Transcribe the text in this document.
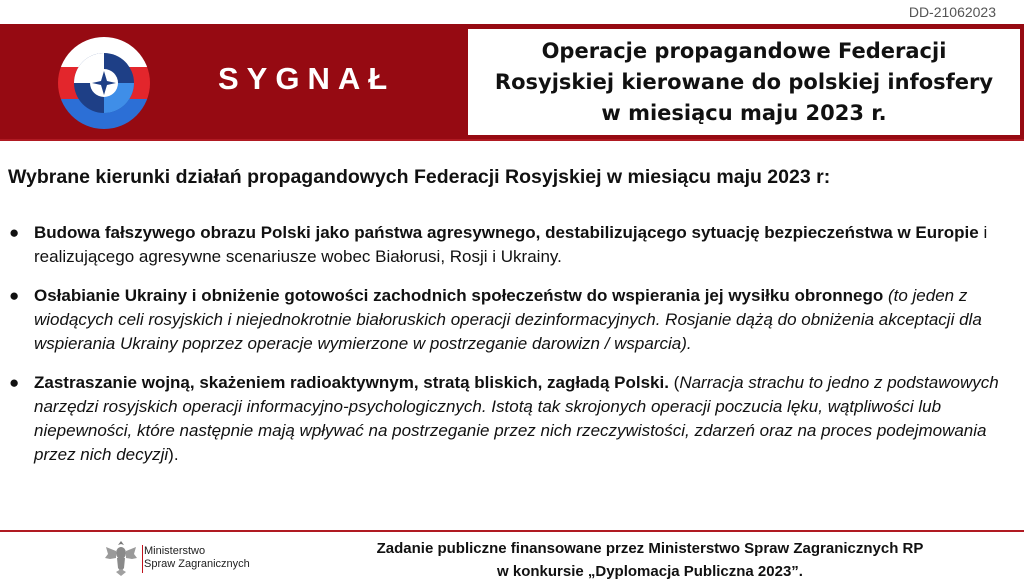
DD-21062023
SYGNAŁ
Operacje propagandowe Federacji
Rosyjskiej kierowane do polskiej infosfery
w miesiącu maju 2023 r.
Wybrane kierunki działań propagandowych Federacji Rosyjskiej w miesiącu maju 2023 r:
● Budowa fałszywego obrazu Polski jako państwa agresywnego, destabilizującego sytuację bezpieczeństwa w Europie i realizującego agresywne scenariusze wobec Białorusi, Rosji i Ukrainy.
● Osłabianie Ukrainy i obniżenie gotowości zachodnich społeczeństw do wspierania jej wysiłku obronnego (to jeden z wiodących celi rosyjskich i niejednokrotnie białoruskich operacji dezinformacyjnych. Rosjanie dążą do obniżenia akceptacji dla wspierania Ukrainy poprzez operacje wymierzone w postrzeganie darowizn / wsparcia).
● Zastraszanie wojną, skażeniem radioaktywnym, stratą bliskich, zagładą Polski. (Narracja strachu to jedno z podstawowych narzędzi rosyjskich operacji informacyjno-psychologicznych. Istotą tak skrojonych operacji poczucia lęku, wątpliwości lub niepewności, które następnie mają wpływać na postrzeganie przez nich rzeczywistości, zdarzeń oraz na proces podejmowania przez nich decyzji).
Ministerstwo
Spraw Zagranicznych
Zadanie publiczne finansowane przez Ministerstwo Spraw Zagranicznych RP
w konkursie „Dyplomacja Publiczna 2023”.
